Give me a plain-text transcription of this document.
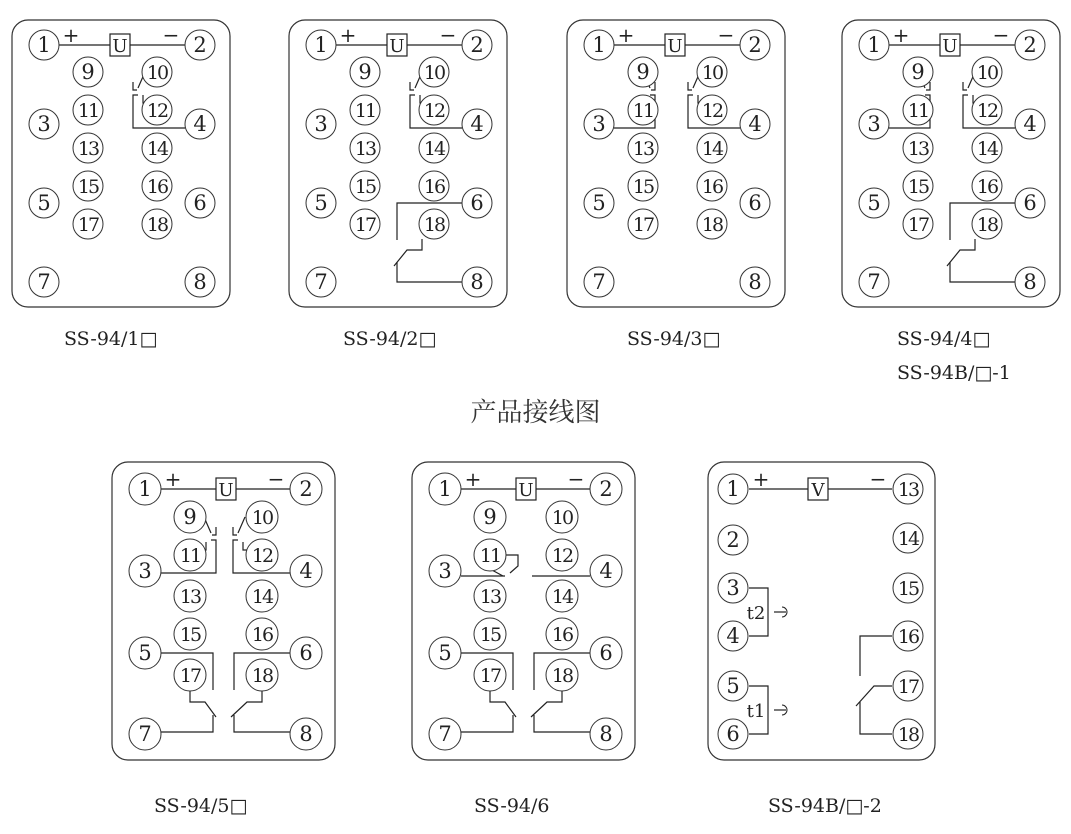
U
+	−
1	2
9	10
11	12
3	4
13	14
15	16
5	6
17	18
7	8
U
+	−
1	2
9	10
11	12
3	4
13	14
15	16
5	6
17	18
7	8
U
+	−
1	2
9	10
11	12
3	4
13	14
15	16
5	6
17	18
7	8
U
+	−
1	2
9	10
11	12
3	4
13	14
15	16
5	6
17	18
7	8
U
+	−
1	2
9	10
11	12
3	4
13	14
15	16
5	6
17	18
7	8
U
+	−
1	2
9	10
11	12
3	4
13	14
15	16
5	6
17	18
7	8
V
+	−
t2
t1
1	13
2	14
3	15
4	16
5	17
6	18
产品接线图
SS-94/1□	SS-94/2□	SS-94/3□	SS-94/4□
SS-94B/□-1
SS-94/5□	SS-94/6	SS-94B/□-2
